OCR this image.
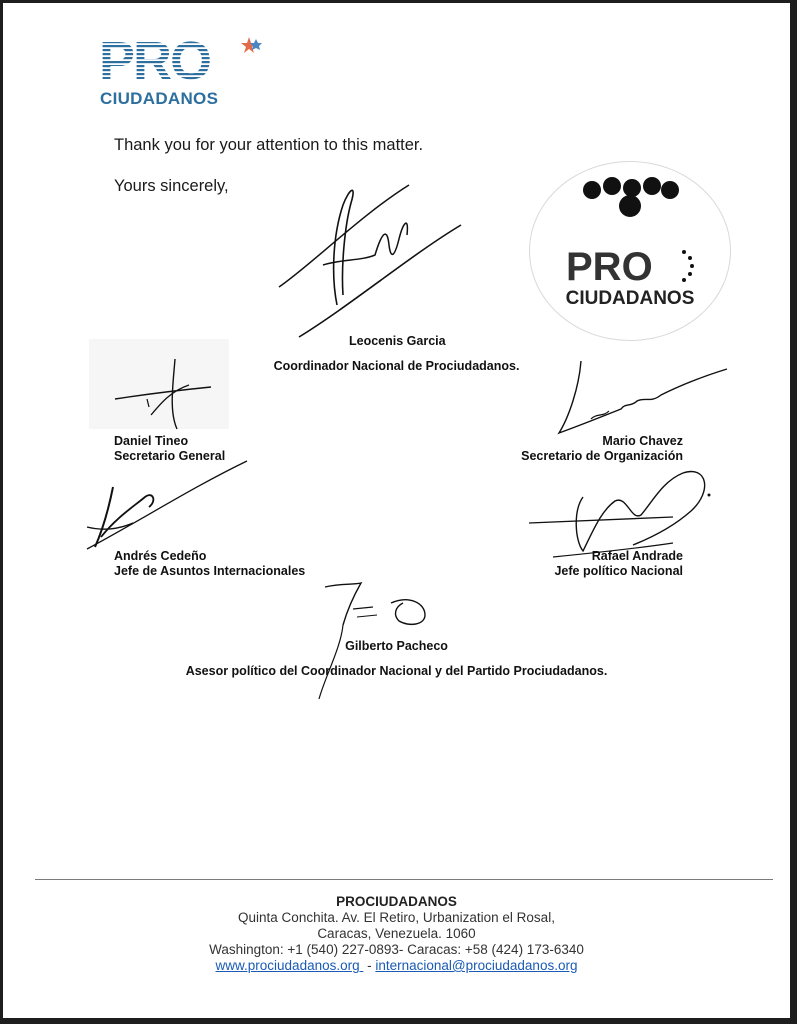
PRO
CIUDADANOS
Thank you for your attention to this matter.
Yours sincerely,
Leocenis Garcia
Coordinador Nacional de Prociudadanos.
PRO
CIUDADANOS
Daniel Tineo
Secretario General
Mario Chavez
Secretario de Organización
Andrés Cedeño
Jefe de Asuntos Internacionales
Rafael Andrade
Jefe político Nacional
Gilberto Pacheco
Asesor político del Coordinador Nacional y del Partido Prociudadanos.
PROCIUDADANOS
Quinta Conchita. Av. El Retiro, Urbanization el Rosal,
Caracas, Venezuela. 1060
Washington: +1 (540) 227-0893- Caracas: +58 (424) 173-6340
www.prociudadanos.org  - internacional@prociudadanos.org
